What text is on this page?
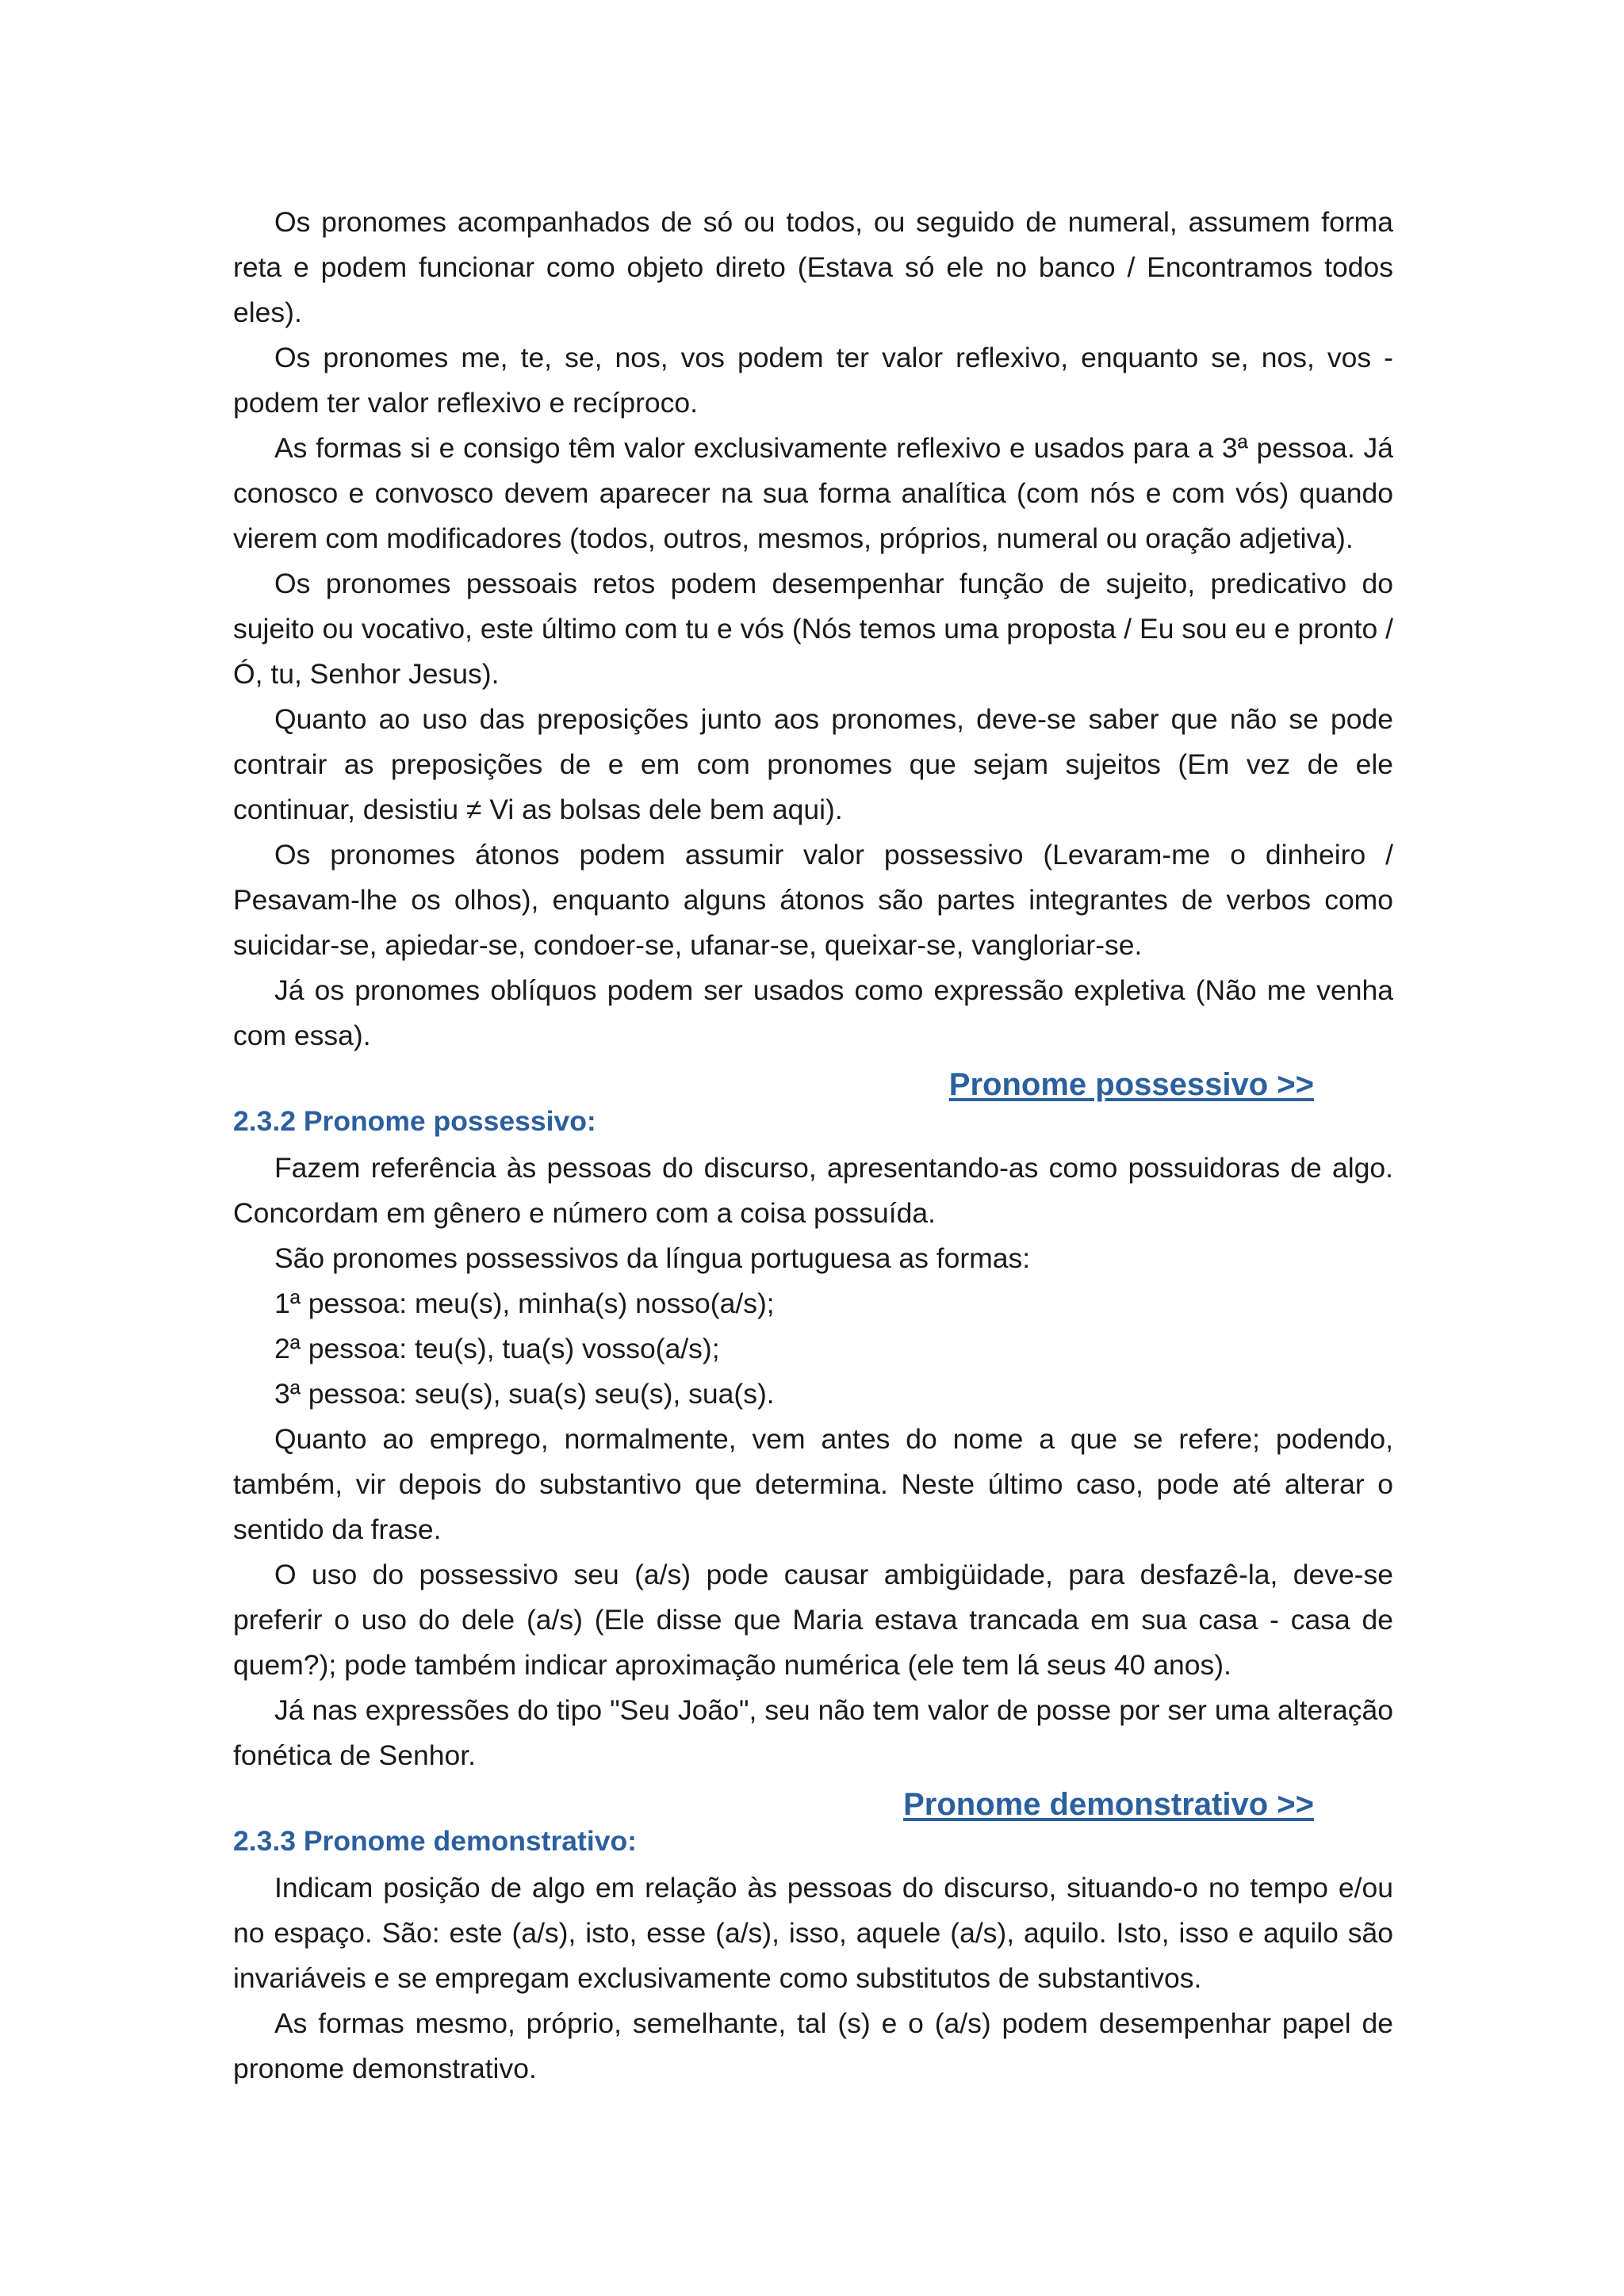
Os pronomes acompanhados de só ou todos, ou seguido de numeral, assumem forma reta e podem funcionar como objeto direto (Estava só ele no banco / Encontramos todos eles).

Os pronomes me, te, se, nos, vos podem ter valor reflexivo, enquanto se, nos, vos - podem ter valor reflexivo e recíproco.

As formas si e consigo têm valor exclusivamente reflexivo e usados para a 3ª pessoa. Já conosco e convosco devem aparecer na sua forma analítica (com nós e com vós) quando vierem com modificadores (todos, outros, mesmos, próprios, numeral ou oração adjetiva).

Os pronomes pessoais retos podem desempenhar função de sujeito, predicativo do sujeito ou vocativo, este último com tu e vós (Nós temos uma proposta / Eu sou eu e pronto / Ó, tu, Senhor Jesus).

Quanto ao uso das preposições junto aos pronomes, deve-se saber que não se pode contrair as preposições de e em com pronomes que sejam sujeitos (Em vez de ele continuar, desistiu ≠ Vi as bolsas dele bem aqui).

Os pronomes átonos podem assumir valor possessivo (Levaram-me o dinheiro / Pesavam-lhe os olhos), enquanto alguns átonos são partes integrantes de verbos como suicidar-se, apiedar-se, condoer-se, ufanar-se, queixar-se, vangloriar-se.

Já os pronomes oblíquos podem ser usados como expressão expletiva (Não me venha com essa).

Pronome possessivo >>
2.3.2 Pronome possessivo:

Fazem referência às pessoas do discurso, apresentando-as como possuidoras de algo. Concordam em gênero e número com a coisa possuída.

São pronomes possessivos da língua portuguesa as formas:

1ª pessoa: meu(s), minha(s) nosso(a/s);

2ª pessoa: teu(s), tua(s) vosso(a/s);

3ª pessoa: seu(s), sua(s) seu(s), sua(s).

Quanto ao emprego, normalmente, vem antes do nome a que se refere; podendo, também, vir depois do substantivo que determina. Neste último caso, pode até alterar o sentido da frase.

O uso do possessivo seu (a/s) pode causar ambigüidade, para desfazê-la, deve-se preferir o uso do dele (a/s) (Ele disse que Maria estava trancada em sua casa - casa de quem?); pode também indicar aproximação numérica (ele tem lá seus 40 anos).

Já nas expressões do tipo "Seu João", seu não tem valor de posse por ser uma alteração fonética de Senhor.

Pronome demonstrativo >>
2.3.3 Pronome demonstrativo:

Indicam posição de algo em relação às pessoas do discurso, situando-o no tempo e/ou no espaço. São: este (a/s), isto, esse (a/s), isso, aquele (a/s), aquilo. Isto, isso e aquilo são invariáveis e se empregam exclusivamente como substitutos de substantivos.

As formas mesmo, próprio, semelhante, tal (s) e o (a/s) podem desempenhar papel de pronome demonstrativo.
